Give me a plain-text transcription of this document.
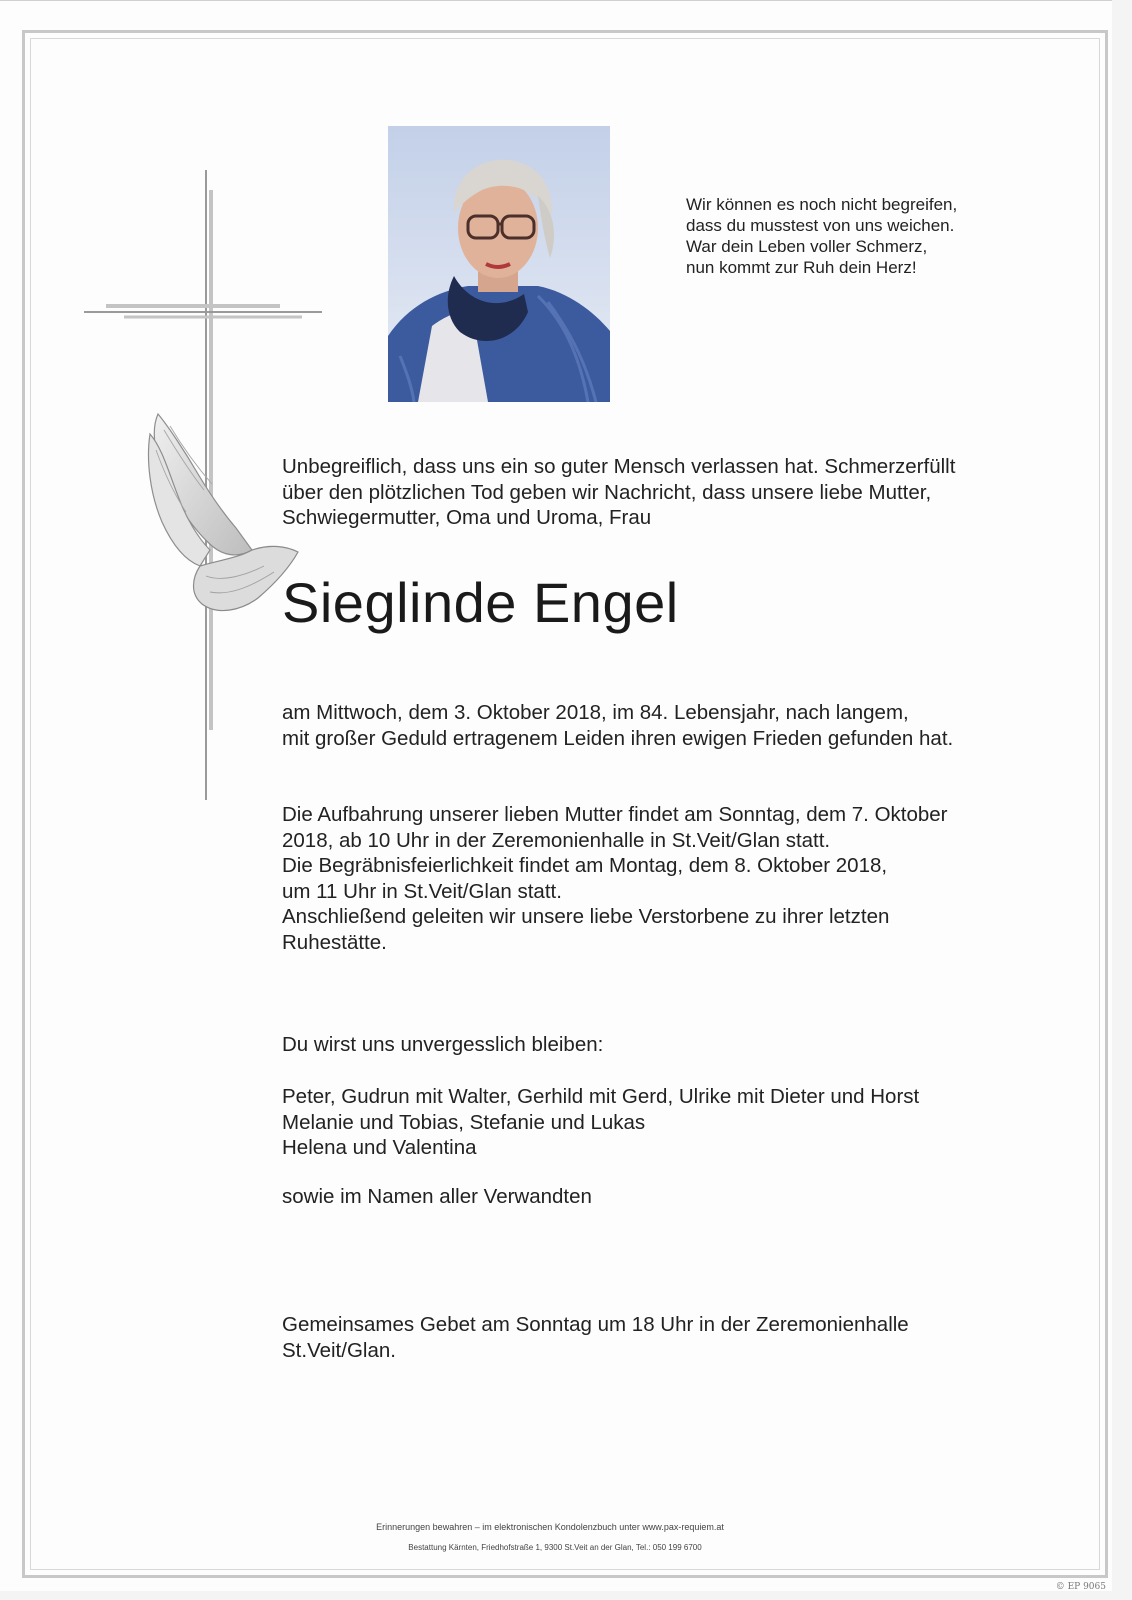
Wir können es noch nicht begreifen,
dass du musstest von uns weichen.
War dein Leben voller Schmerz,
nun kommt zur Ruh dein Herz!
Unbegreiflich, dass uns ein so guter Mensch verlassen hat. Schmerzerfüllt
über den plötzlichen Tod geben wir Nachricht, dass unsere liebe Mutter,
Schwiegermutter, Oma und Uroma, Frau
Sieglinde Engel
am Mittwoch, dem 3. Oktober 2018, im 84. Lebensjahr, nach langem,
mit großer Geduld ertragenem Leiden ihren ewigen Frieden gefunden hat.
Die Aufbahrung unserer lieben Mutter findet am Sonntag, dem 7. Oktober
2018, ab 10 Uhr in der Zeremonienhalle in St.Veit/Glan statt.
Die Begräbnisfeierlichkeit findet am Montag, dem 8. Oktober 2018,
um 11 Uhr in St.Veit/Glan statt.
Anschließend geleiten wir unsere liebe Verstorbene zu ihrer letzten
Ruhestätte.
Du wirst uns unvergesslich bleiben:
Peter, Gudrun mit Walter, Gerhild mit Gerd, Ulrike mit Dieter und Horst
Melanie und Tobias, Stefanie und Lukas
Helena und Valentina
sowie im Namen aller Verwandten
Gemeinsames Gebet am Sonntag um 18 Uhr in der Zeremonienhalle
St.Veit/Glan.
Erinnerungen bewahren – im elektronischen Kondolenzbuch unter www.pax-requiem.at
Bestattung Kärnten, Friedhofstraße 1, 9300 St.Veit an der Glan, Tel.: 050 199 6700
© EP 9065
